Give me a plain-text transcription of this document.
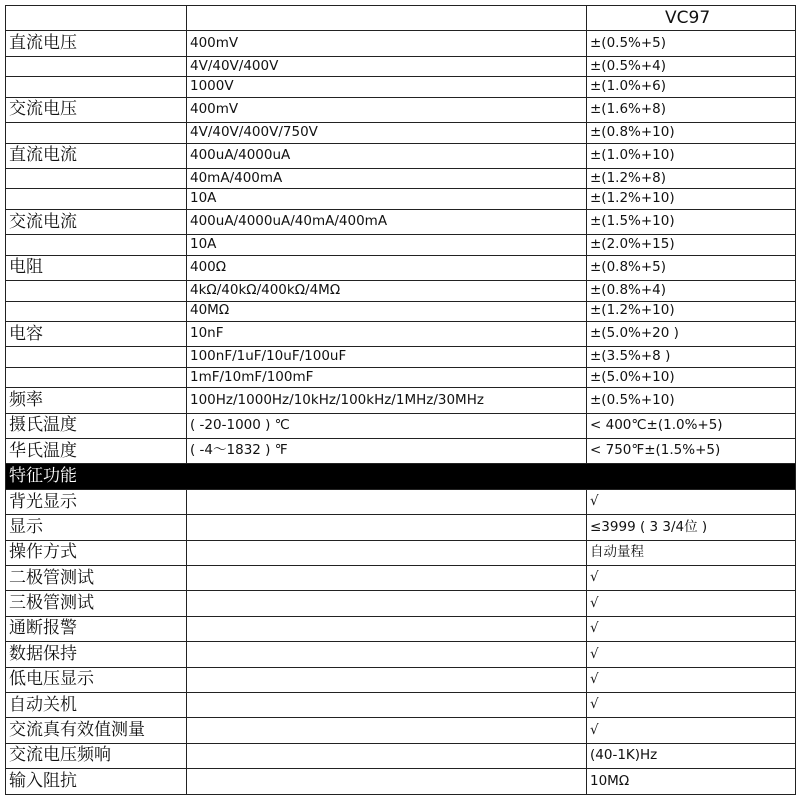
		VC97
直流电压	400mV	±(0.5%+5)
	4V/40V/400V	±(0.5%+4)
	1000V	±(1.0%+6)
交流电压	400mV	±(1.6%+8)
	4V/40V/400V/750V	±(0.8%+10)
直流电流	400uA/4000uA	±(1.0%+10)
	40mA/400mA	±(1.2%+8)
	10A	±(1.2%+10)
交流电流	400uA/4000uA/40mA/400mA	±(1.5%+10)
	10A	±(2.0%+15)
电阻	400Ω	±(0.8%+5)
	4kΩ/40kΩ/400kΩ/4MΩ	±(0.8%+4)
	40MΩ	±(1.2%+10)
电容	10nF	±(5.0%+20 )
	100nF/1uF/10uF/100uF	±(3.5%+8 )
	1mF/10mF/100mF	±(5.0%+10)
频率	100Hz/1000Hz/10kHz/100kHz/1MHz/30MHz	±(0.5%+10)
摄氏温度	( -20-1000 ) ℃	< 400℃±(1.0%+5)
华氏温度	( -4～1832 ) ℉	< 750℉±(1.5%+5)
特征功能		
背光显示		√
显示		≤3999 ( 3 3/4位 )
操作方式		自动量程
二极管测试		√
三极管测试		√
通断报警		√
数据保持		√
低电压显示		√
自动关机		√
交流真有效值测量		√
交流电压频响		(40-1K)Hz
输入阻抗		10MΩ
